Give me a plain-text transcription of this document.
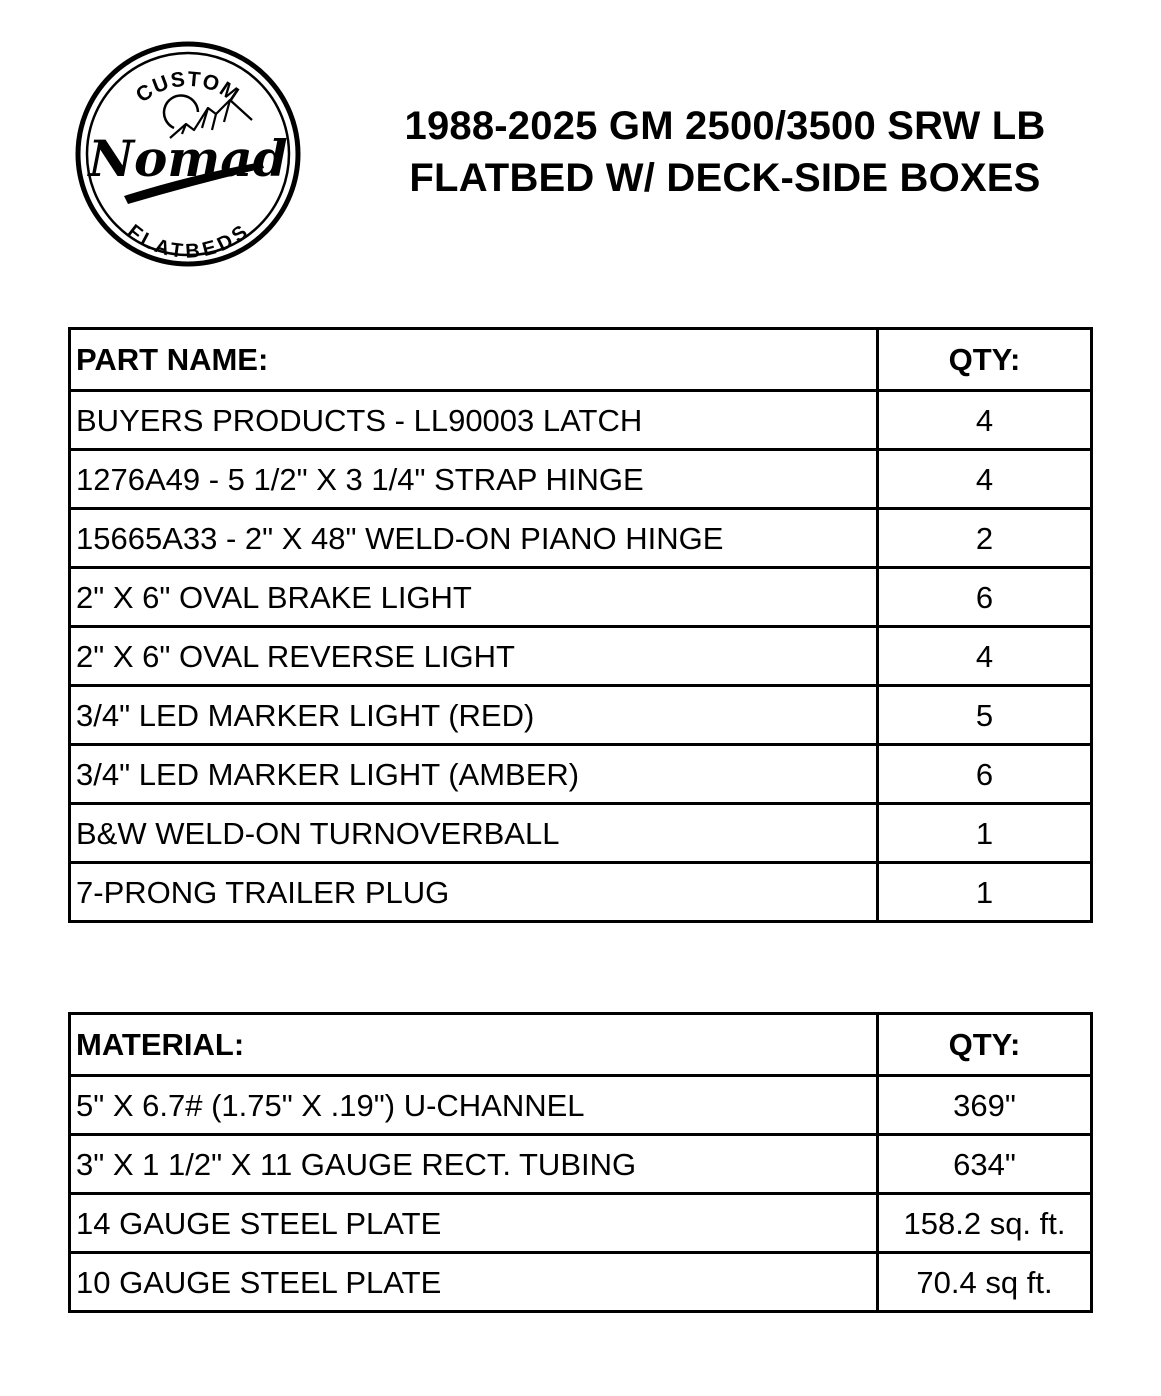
CUSTOM
Nomad
FLATBEDS
1988-2025 GM 2500/3500 SRW LB
FLATBED W/ DECK-SIDE BOXES
PART NAME:	QTY:
BUYERS PRODUCTS - LL90003 LATCH	4
1276A49 - 5 1/2" X 3 1/4" STRAP HINGE	4
15665A33 - 2" X 48" WELD-ON PIANO HINGE	2
2" X 6" OVAL BRAKE LIGHT	6
2" X 6" OVAL REVERSE LIGHT	4
3/4" LED MARKER LIGHT (RED)	5
3/4" LED MARKER LIGHT (AMBER)	6
B&W WELD-ON TURNOVERBALL	1
7-PRONG TRAILER PLUG	1
MATERIAL:	QTY:
5" X 6.7# (1.75" X .19") U-CHANNEL	369"
3" X 1 1/2" X 11 GAUGE RECT. TUBING	634"
14 GAUGE STEEL PLATE	158.2 sq. ft.
10 GAUGE STEEL PLATE	70.4 sq ft.
